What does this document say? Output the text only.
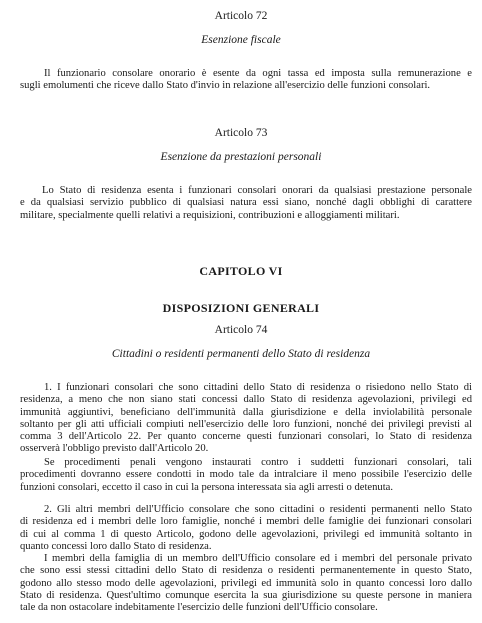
Articolo 72
Esenzione fiscale
Il funzionario consolare onorario è esente da ogni tassa ed imposta sulla remunerazione e
sugli emolumenti che riceve dallo Stato d'invio in relazione all'esercizio delle funzioni consolari.
Articolo 73
Esenzione da prestazioni personali
Lo Stato di residenza esenta i funzionari consolari onorari da qualsiasi prestazione personale
e da qualsiasi servizio pubblico di qualsiasi natura essi siano, nonché dagli obblighi di carattere
militare, specialmente quelli relativi a requisizioni, contribuzioni e alloggiamenti militari.
CAPITOLO VI
DISPOSIZIONI GENERALI
Articolo 74
Cittadini o residenti permanenti dello Stato di residenza
1. I funzionari consolari che sono cittadini dello Stato di residenza o risiedono nello Stato di
residenza, a meno che non siano stati concessi dallo Stato di residenza agevolazioni, privilegi ed
immunità aggiuntivi, beneficiano dell'immunità dalla giurisdizione e della inviolabilità personale
soltanto per gli atti ufficiali compiuti nell'esercizio delle loro funzioni, nonché dei privilegi previsti al
comma 3 dell'Articolo 22. Per quanto concerne questi funzionari consolari, lo Stato di residenza
osserverà l'obbligo previsto dall'Articolo 20.
Se procedimenti penali vengono instaurati contro i suddetti funzionari consolari, tali
procedimenti dovranno essere condotti in modo tale da intralciare il meno possibile l'esercizio delle
funzioni consolari, eccetto il caso in cui la persona interessata sia agli arresti o detenuta.
2. Gli altri membri dell'Ufficio consolare che sono cittadini o residenti permanenti nello Stato
di residenza ed i membri delle loro famiglie, nonché i membri delle famiglie dei funzionari consolari
di cui al comma 1 di questo Articolo, godono delle agevolazioni, privilegi ed immunità soltanto in
quanto concessi loro dallo Stato di residenza.
I membri della famiglia di un membro dell'Ufficio consolare ed i membri del personale privato
che sono essi stessi cittadini dello Stato di residenza o residenti permanentemente in questo Stato,
godono allo stesso modo delle agevolazioni, privilegi ed immunità solo in quanto concessi loro dallo
Stato di residenza. Quest'ultimo comunque esercita la sua giurisdizione su queste persone in maniera
tale da non ostacolare indebitamente l'esercizio delle funzioni dell'Ufficio consolare.
